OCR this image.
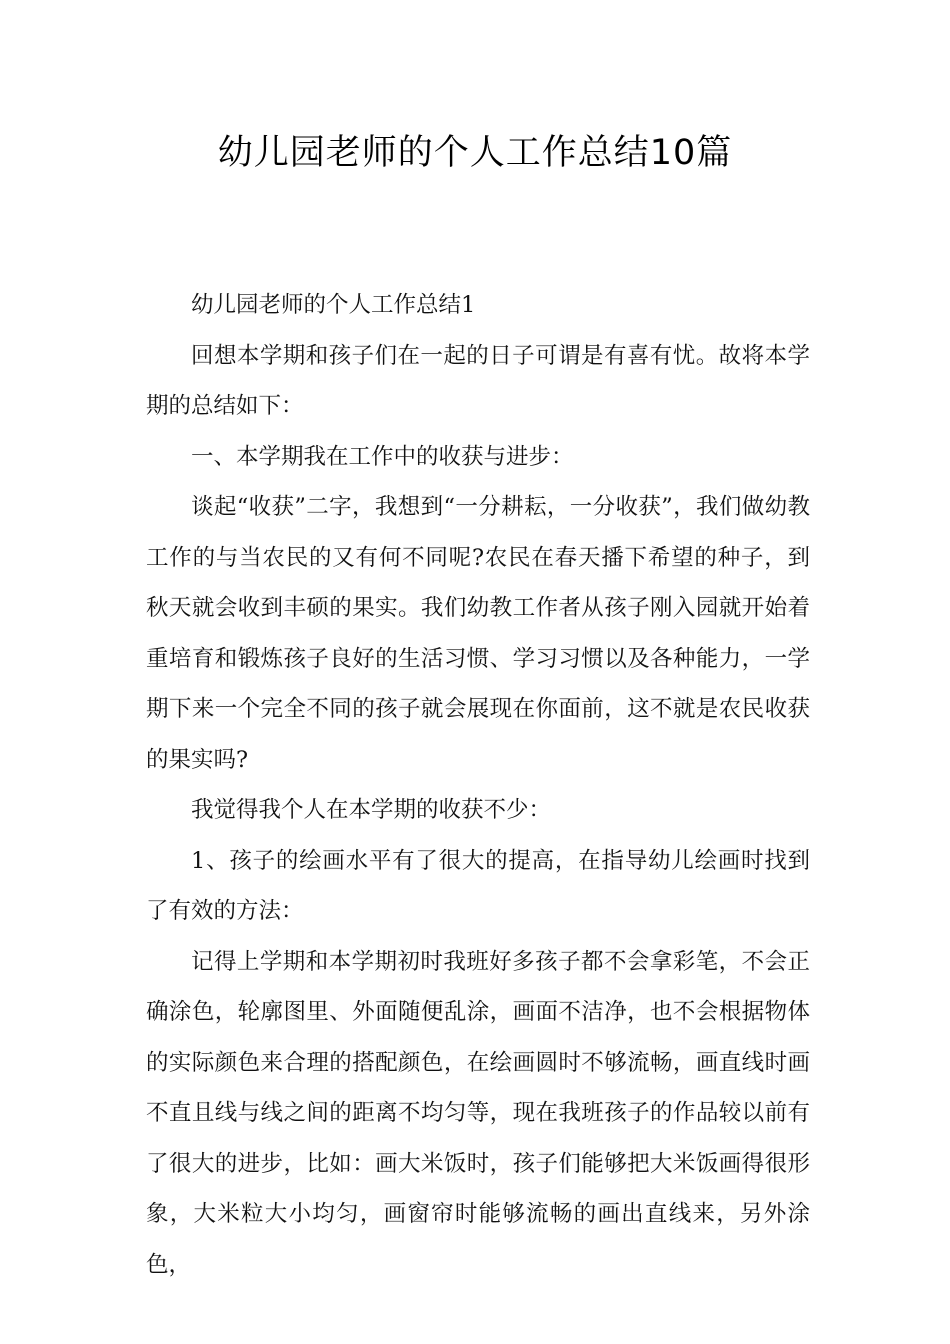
幼儿园老师的个人工作总结10篇

幼儿园老师的个人工作总结1

回想本学期和孩子们在一起的日子可谓是有喜有忧。故将本学期的总结如下：

一、本学期我在工作中的收获与进步：

谈起“收获”二字，我想到“一分耕耘，一分收获”，我们做幼教工作的与当农民的又有何不同呢?农民在春天播下希望的种子，到秋天就会收到丰硕的果实。我们幼教工作者从孩子刚入园就开始着重培育和锻炼孩子良好的生活习惯、学习习惯以及各种能力，一学期下来一个完全不同的孩子就会展现在你面前，这不就是农民收获的果实吗?

我觉得我个人在本学期的收获不少：

1、孩子的绘画水平有了很大的提高，在指导幼儿绘画时找到了有效的方法：

记得上学期和本学期初时我班好多孩子都不会拿彩笔，不会正确涂色，轮廓图里、外面随便乱涂，画面不洁净，也不会根据物体的实际颜色来合理的搭配颜色，在绘画圆时不够流畅，画直线时画不直且线与线之间的距离不均匀等，现在我班孩子的作品较以前有了很大的进步，比如：画大米饭时，孩子们能够把大米饭画得很形象，大米粒大小均匀，画窗帘时能够流畅的画出直线来，另外涂色，
